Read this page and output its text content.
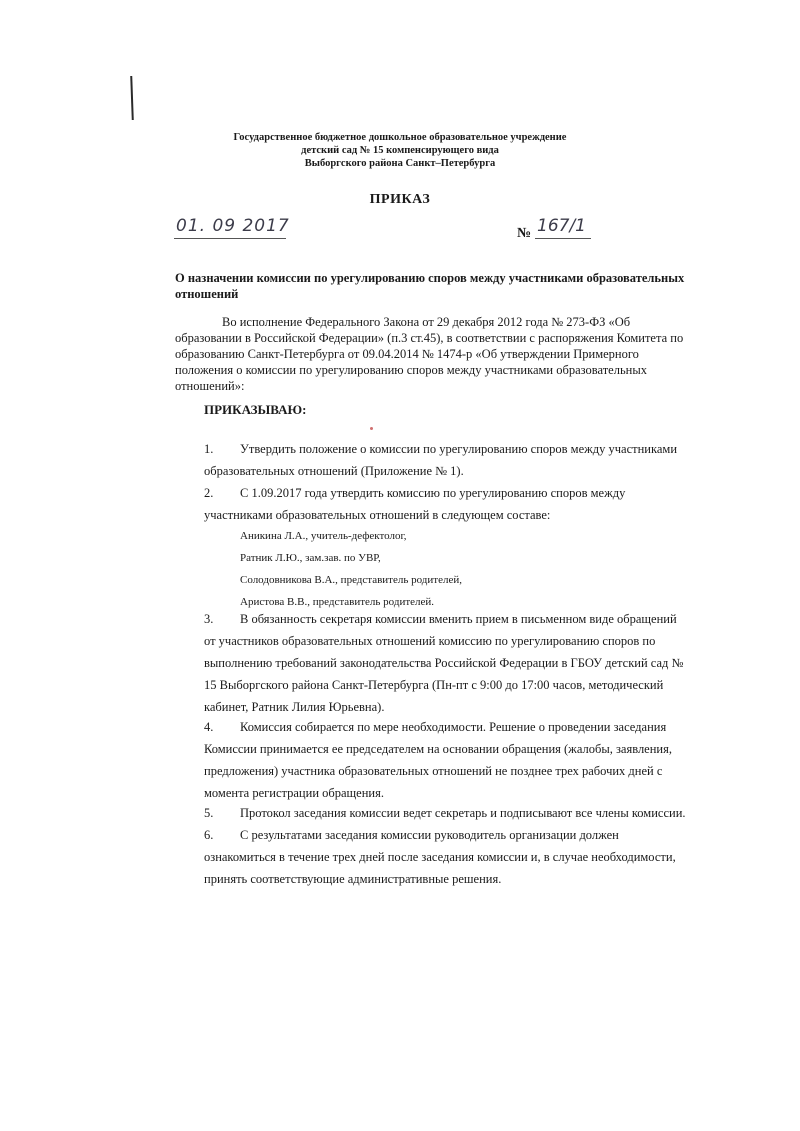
Государственное бюджетное дошкольное образовательное учреждение
детский сад № 15 компенсирующего вида
Выборгского района Санкт–Петербурга
ПРИКАЗ
01. 09 2017	№ 167/1
О назначении комиссии по урегулированию споров между участниками образовательных
отношений
Во исполнение Федерального Закона от 29 декабря 2012 года № 273-ФЗ «Об
образовании в Российской Федерации» (п.3 ст.45), в соответствии с распоряжения Комитета по
образованию Санкт-Петербурга от 09.04.2014 № 1474-р «Об утверждении Примерного
положения о комиссии по урегулированию споров между участниками образовательных
отношений»:
ПРИКАЗЫВАЮ:
1. Утвердить положение о комиссии по урегулированию споров между участниками
образовательных отношений (Приложение № 1).
2. С 1.09.2017 года утвердить комиссию по урегулированию споров между
участниками образовательных отношений в следующем составе:
Аникина Л.А., учитель-дефектолог,
Ратник Л.Ю., зам.зав. по УВР,
Солодовникова В.А., представитель родителей,
Аристова В.В., представитель родителей.
3. В обязанность секретаря комиссии вменить прием в письменном виде обращений
от участников образовательных отношений комиссию по урегулированию споров по
выполнению требований законодательства Российской Федерации в ГБОУ детский сад №
15 Выборгского района Санкт-Петербурга (Пн-пт с 9:00 до 17:00 часов, методический
кабинет, Ратник Лилия Юрьевна).
4. Комиссия собирается по мере необходимости. Решение о проведении заседания
Комиссии принимается ее председателем на основании обращения (жалобы, заявления,
предложения) участника образовательных отношений не позднее трех рабочих дней с
момента регистрации обращения.
5. Протокол заседания комиссии ведет секретарь и подписывают все члены комиссии.
6. С результатами заседания комиссии руководитель организации должен
ознакомиться в течение трех дней после заседания комиссии и, в случае необходимости,
принять соответствующие административные решения.
